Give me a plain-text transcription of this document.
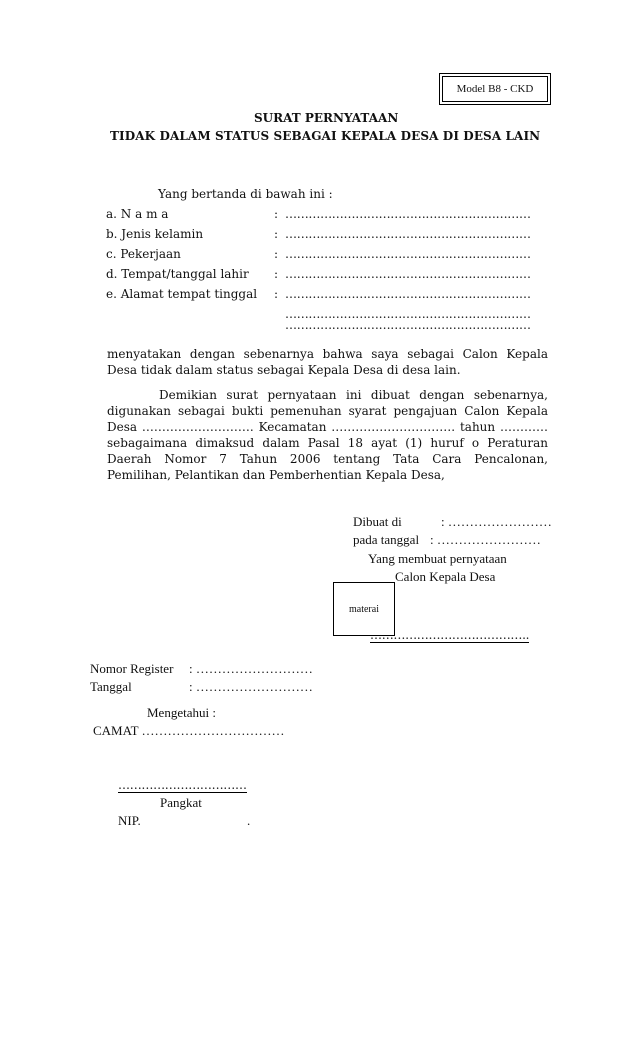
Model B8 - CKD
SURAT PERNYATAAN
TIDAK DALAM STATUS SEBAGAI KEPALA DESA DI DESA LAIN
Yang bertanda di bawah ini :
a. N a m a	: ………………………………………………………
b. Jenis kelamin	: ………………………………………………………
c. Pekerjaan	: ………………………………………………………
d. Tempat/tanggal lahir : ………………………………………………………
e. Alamat tempat tinggal : ………………………………………………………
………………………………………………………
………………………………………………………
menyatakan dengan sebenarnya bahwa saya sebagai Calon Kepala
Desa tidak dalam status sebagai Kepala Desa di desa lain.
Demikian surat pernyataan ini dibuat dengan sebenarnya,
digunakan sebagai bukti pemenuhan syarat pengajuan Calon Kepala
Desa ………………………. Kecamatan …………………………. tahun …………
sebagaimana dimaksud dalam Pasal 18 ayat (1) huruf o Peraturan
Daerah Nomor 7 Tahun 2006 tentang Tata Cara Pencalonan,
Pemilihan, Pelantikan dan Pemberhentian Kepala Desa,
Dibuat di	: ……………………
pada tanggal : ……………………
Yang membuat pernyataan
Calon Kepala Desa
materai
…………………………………..
Nomor Register : ………………………
Tanggal	: ………………………
Mengetahui :
CAMAT ……………………………
……………………………
Pangkat
NIP.	.
